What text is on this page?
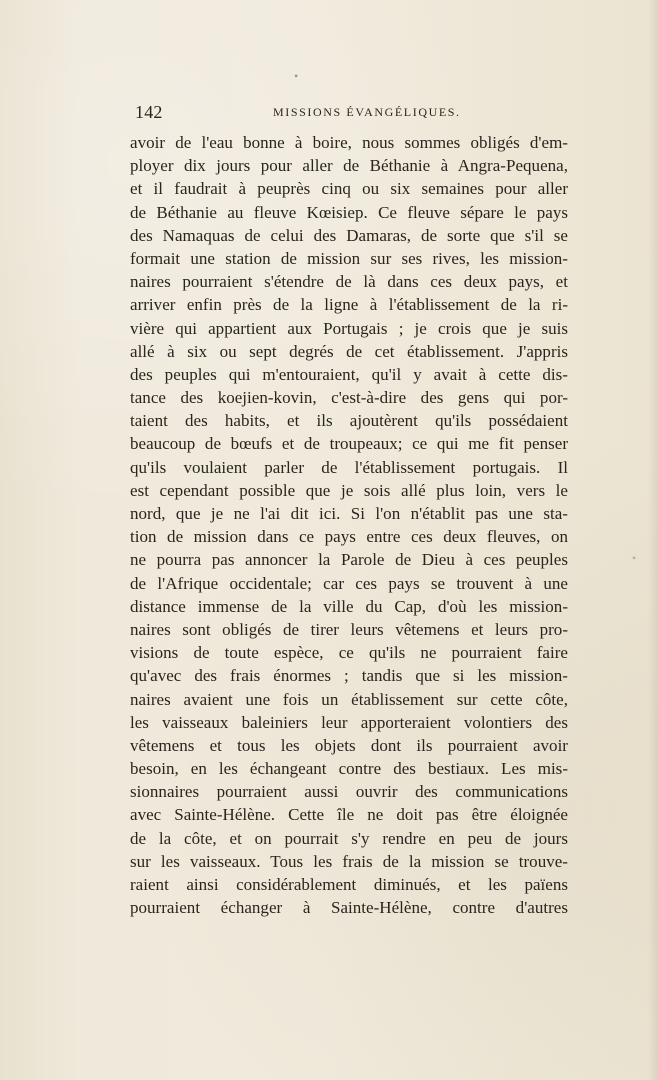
•
•
142	MISSIONS ÉVANGÉLIQUES.
avoir de l'eau bonne à boire, nous sommes obligés d'em-
ployer dix jours pour aller de Béthanie à Angra-Pequena,
et il faudrait à peuprès cinq ou six semaines pour aller
de Béthanie au fleuve Kœisiep. Ce fleuve sépare le pays
des Namaquas de celui des Damaras, de sorte que s'il se
formait une station de mission sur ses rives, les mission-
naires pourraient s'étendre de là dans ces deux pays, et
arriver enfin près de la ligne à l'établissement de la ri-
vière qui appartient aux Portugais ; je crois que je suis
allé à six ou sept degrés de cet établissement. J'appris
des peuples qui m'entouraient, qu'il y avait à cette dis-
tance des koejien-kovin, c'est-à-dire des gens qui por-
taient des habits, et ils ajoutèrent qu'ils possédaient
beaucoup de bœufs et de troupeaux; ce qui me fit penser
qu'ils voulaient parler de l'établissement portugais. Il
est cependant possible que je sois allé plus loin, vers le
nord, que je ne l'ai dit ici. Si l'on n'établit pas une sta-
tion de mission dans ce pays entre ces deux fleuves, on
ne pourra pas annoncer la Parole de Dieu à ces peuples
de l'Afrique occidentale; car ces pays se trouvent à une
distance immense de la ville du Cap, d'où les mission-
naires sont obligés de tirer leurs vêtemens et leurs pro-
visions de toute espèce, ce qu'ils ne pourraient faire
qu'avec des frais énormes ; tandis que si les mission-
naires avaient une fois un établissement sur cette côte,
les vaisseaux baleiniers leur apporteraient volontiers des
vêtemens et tous les objets dont ils pourraient avoir
besoin, en les échangeant contre des bestiaux. Les mis-
sionnaires pourraient aussi ouvrir des communications
avec Sainte-Hélène. Cette île ne doit pas être éloignée
de la côte, et on pourrait s'y rendre en peu de jours
sur les vaisseaux. Tous les frais de la mission se trouve-
raient ainsi considérablement diminués, et les païens
pourraient échanger à Sainte-Hélène, contre d'autres
